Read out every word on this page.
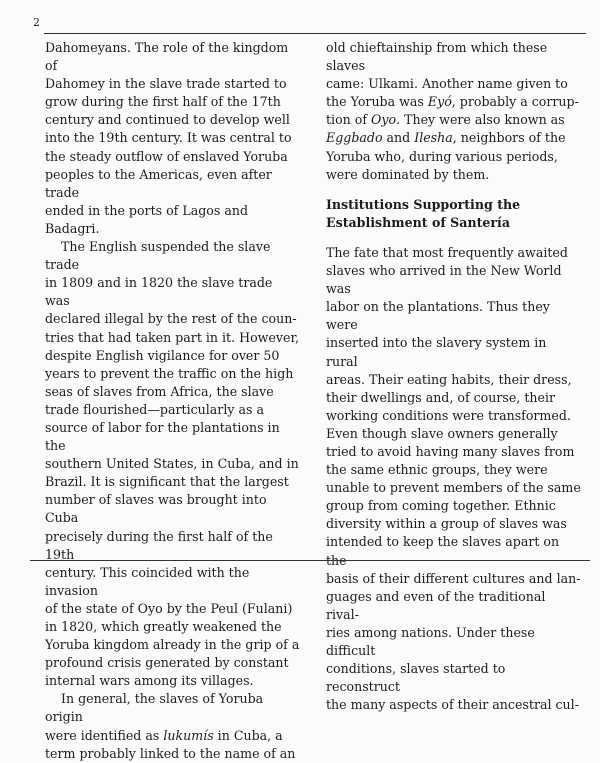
2

Dahomeyans. The role of the kingdom of
Dahomey in the slave trade started to
grow during the first half of the 17th
century and continued to develop well
into the 19th century. It was central to
the steady outflow of enslaved Yoruba
peoples to the Americas, even after trade
ended in the ports of Lagos and Badagri.

The English suspended the slave trade
in 1809 and in 1820 the slave trade was
declared illegal by the rest of the coun-
tries that had taken part in it. However,
despite English vigilance for over 50
years to prevent the traffic on the high
seas of slaves from Africa, the slave
trade flourished—particularly as a
source of labor for the plantations in the
southern United States, in Cuba, and in
Brazil. It is significant that the largest
number of slaves was brought into Cuba
precisely during the first half of the 19th
century. This coincided with the invasion
of the state of Oyo by the Peul (Fulani)
in 1820, which greatly weakened the
Yoruba kingdom already in the grip of a
profound crisis generated by constant
internal wars among its villages.

In general, the slaves of Yoruba origin
were identified as lukumís in Cuba, a
term probably linked to the name of an

old chieftainship from which these slaves
came: Ulkami. Another name given to
the Yoruba was Eyó, probably a corrup-
tion of Oyo. They were also known as
Eggbado and Ilesha, neighbors of the
Yoruba who, during various periods,
were dominated by them.

Institutions Supporting the
Establishment of Santería

The fate that most frequently awaited
slaves who arrived in the New World was
labor on the plantations. Thus they were
inserted into the slavery system in rural
areas. Their eating habits, their dress,
their dwellings and, of course, their
working conditions were transformed.
Even though slave owners generally
tried to avoid having many slaves from
the same ethnic groups, they were
unable to prevent members of the same
group from coming together. Ethnic
diversity within a group of slaves was
intended to keep the slaves apart on the
basis of their different cultures and lan-
guages and even of the traditional rival-
ries among nations. Under these difficult
conditions, slaves started to reconstruct
the many aspects of their ancestral cul-
